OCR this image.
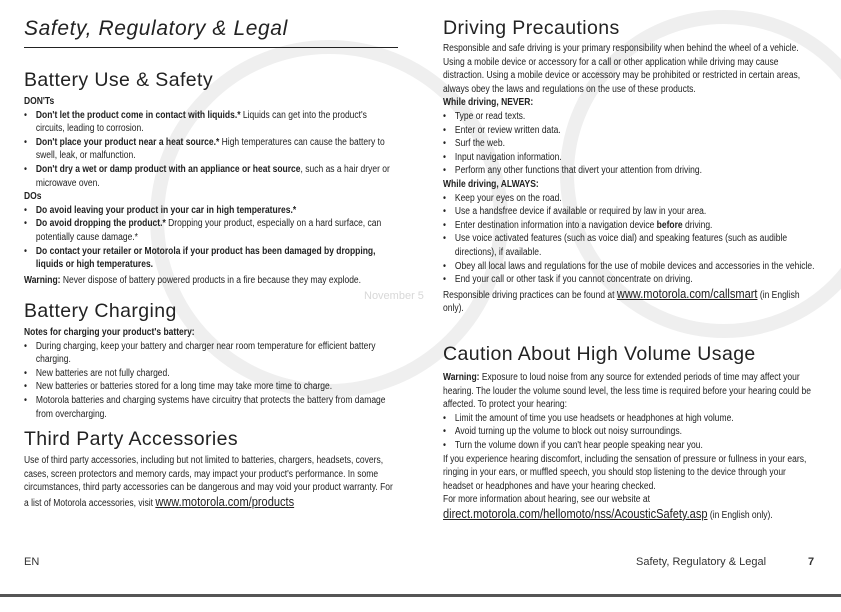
November 5
Safety, Regulatory & Legal
Battery Use & Safety
DON'Ts
• Don't let the product come in contact with liquids.* Liquids can get into the product's circuits, leading to corrosion.
• Don't place your product near a heat source.* High temperatures can cause the battery to swell, leak, or malfunction.
• Don't dry a wet or damp product with an appliance or heat source, such as a hair dryer or microwave oven.
DOs
• Do avoid leaving your product in your car in high temperatures.*
• Do avoid dropping the product.* Dropping your product, especially on a hard surface, can potentially cause damage.*
• Do contact your retailer or Motorola if your product has been damaged by dropping, liquids or high temperatures.
Warning: Never dispose of battery powered products in a fire because they may explode.
Battery Charging
Notes for charging your product's battery:
• During charging, keep your battery and charger near room temperature for efficient battery charging.
• New batteries are not fully charged.
• New batteries or batteries stored for a long time may take more time to charge.
• Motorola batteries and charging systems have circuitry that protects the battery from damage from overcharging.
Third Party Accessories
Use of third party accessories, including but not limited to batteries, chargers, headsets, covers, cases, screen protectors and memory cards, may impact your product's performance. In some circumstances, third party accessories can be dangerous and may void your product warranty. For a list of Motorola accessories, visit www.motorola.com/products
Driving Precautions
Responsible and safe driving is your primary responsibility when behind the wheel of a vehicle. Using a mobile device or accessory for a call or other application while driving may cause distraction. Using a mobile device or accessory may be prohibited or restricted in certain areas, always obey the laws and regulations on the use of these products.
While driving, NEVER:
• Type or read texts.
• Enter or review written data.
• Surf the web.
• Input navigation information.
• Perform any other functions that divert your attention from driving.
While driving, ALWAYS:
• Keep your eyes on the road.
• Use a handsfree device if available or required by law in your area.
• Enter destination information into a navigation device before driving.
• Use voice activated features (such as voice dial) and speaking features (such as audible directions), if available.
• Obey all local laws and regulations for the use of mobile devices and accessories in the vehicle.
• End your call or other task if you cannot concentrate on driving.
Responsible driving practices can be found at www.motorola.com/callsmart (in English only).
Caution About High Volume Usage
Warning: Exposure to loud noise from any source for extended periods of time may affect your hearing. The louder the volume sound level, the less time is required before your hearing could be affected. To protect your hearing:
• Limit the amount of time you use headsets or headphones at high volume.
• Avoid turning up the volume to block out noisy surroundings.
• Turn the volume down if you can't hear people speaking near you.
If you experience hearing discomfort, including the sensation of pressure or fullness in your ears, ringing in your ears, or muffled speech, you should stop listening to the device through your headset or headphones and have your hearing checked.
For more information about hearing, see our website at
direct.motorola.com/hellomoto/nss/AcousticSafety.asp (in English only).
EN	Safety, Regulatory & Legal	7
